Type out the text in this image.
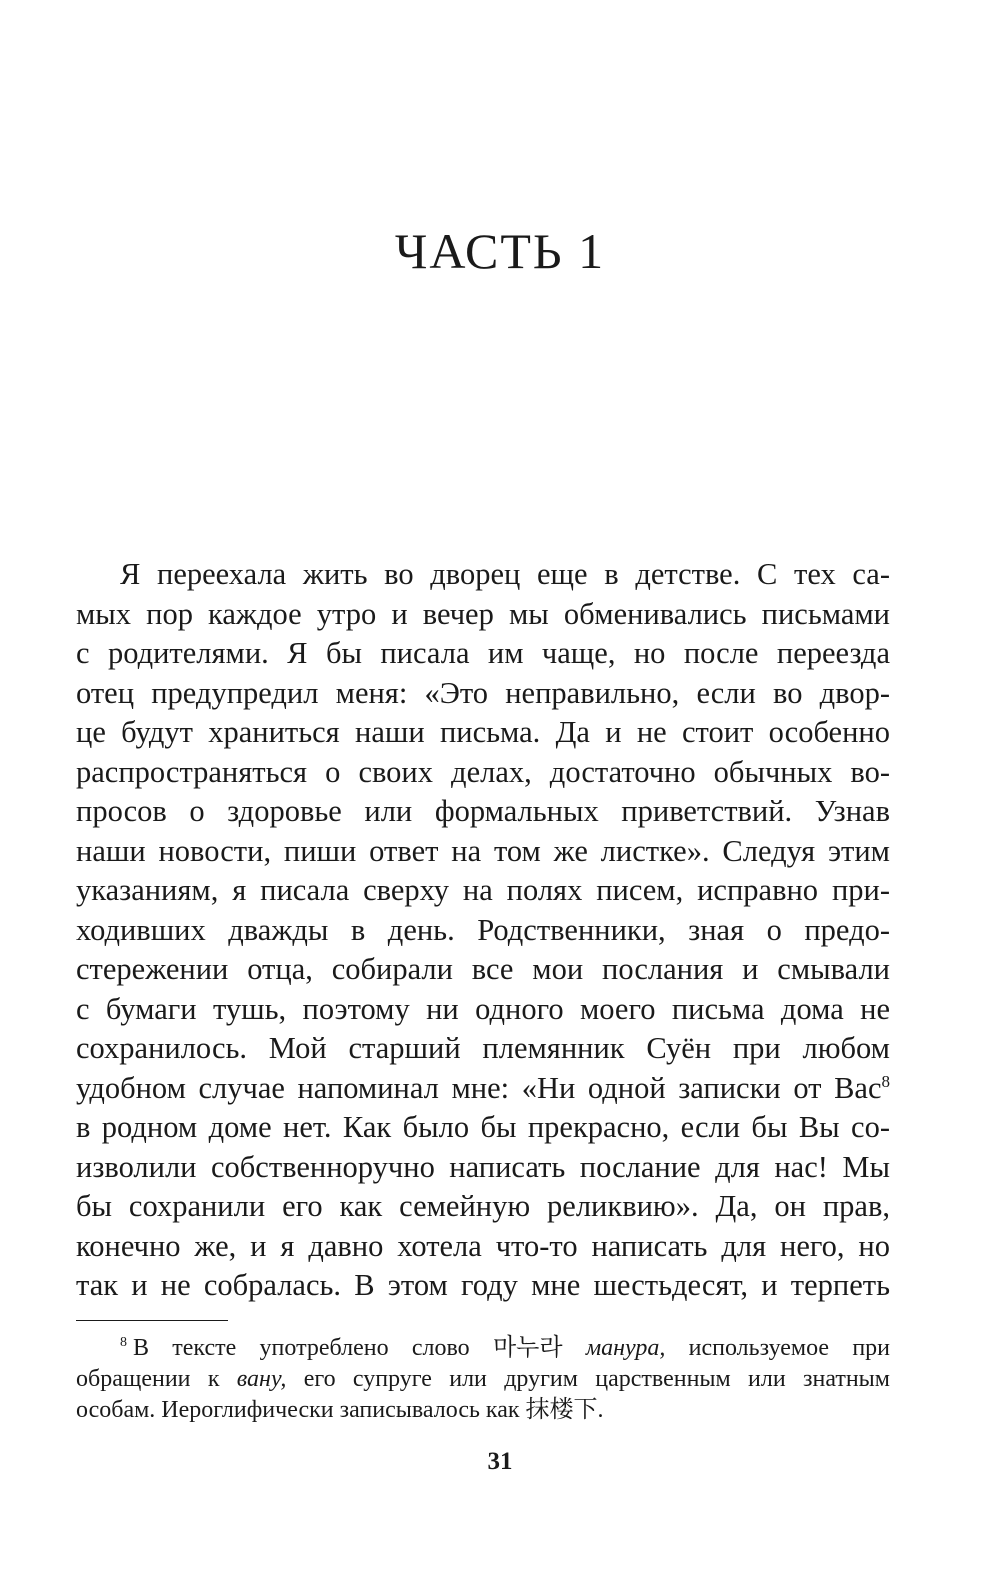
ЧАСТЬ 1
Я переехала жить во дворец еще в детстве. С тех са-
мых пор каждое утро и вечер мы обменивались письмами
с родителями. Я бы писала им чаще, но после переезда
отец предупредил меня: «Это неправильно, если во двор-
це будут храниться наши письма. Да и не стоит особенно
распространяться о своих делах, достаточно обычных во-
просов о здоровье или формальных приветствий. Узнав
наши новости, пиши ответ на том же листке». Следуя этим
указаниям, я писала сверху на полях писем, исправно при-
ходивших дважды в день. Родственники, зная о предо-
стережении отца, собирали все мои послания и смывали
с бумаги тушь, поэтому ни одного моего письма дома не
сохранилось. Мой старший племянник Суён при любом
удобном случае напоминал мне: «Ни одной записки от Вас$^8$
в родном доме нет. Как было бы прекрасно, если бы Вы со-
изволили собственноручно написать послание для нас! Мы
бы сохранили его как семейную реликвию». Да, он прав,
конечно же, и я давно хотела что-то написать для него, но
так и не собралась. В этом году мне шестьдесят, и терпеть
$^8$ В тексте употреблено слово 마누라 манура, используемое при
обращении к вану, его супруге или другим царственным или знатным
особам. Иероглифически записывалось как 抹楼下.
31
